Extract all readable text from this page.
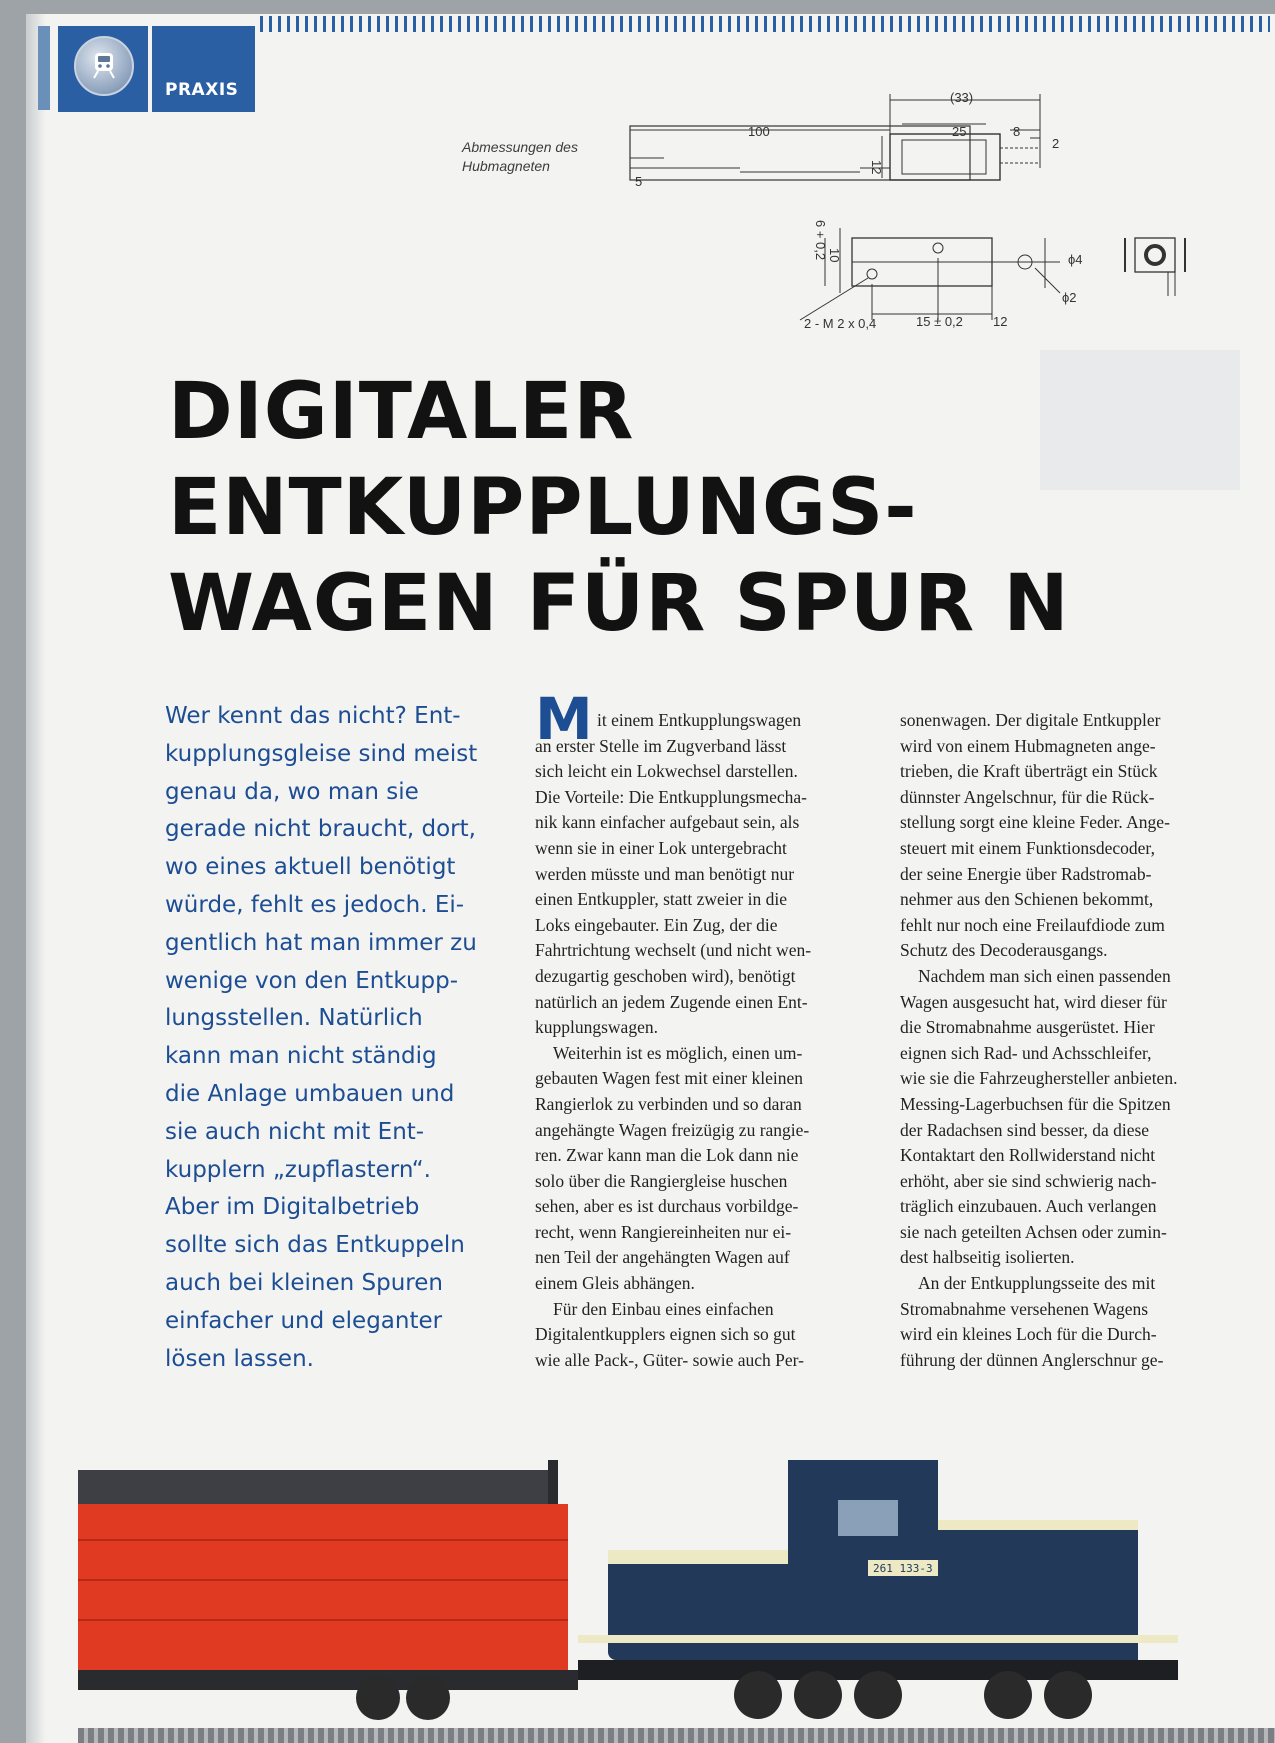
PRAXIS
Abmessungen des
Hubmagneten
(33)
100	25	8
2
5
12
6 + 0,2 10	ϕ4
ϕ2
2 - M 2 x 0,4	15 ± 0,2 12
DIGITALER
ENTKUPPLUNGS-
WAGEN FÜR SPUR N
Wer kennt das nicht? Ent-
kupplungsgleise sind meist
genau da, wo man sie
gerade nicht braucht, dort,
wo eines aktuell benötigt
würde, fehlt es jedoch. Ei-
gentlich hat man immer zu
wenige von den Entkupp-
lungsstellen. Natürlich
kann man nicht ständig
die Anlage umbauen und
sie auch nicht mit Ent-
kupplern „zupflastern“.
Aber im Digitalbetrieb
sollte sich das Entkuppeln
auch bei kleinen Spuren
einfacher und eleganter
lösen lassen.
M it einem Entkupplungswagen
an erster Stelle im Zugverband lässt
sich leicht ein Lokwechsel darstellen.
Die Vorteile: Die Entkupplungsmecha-
nik kann einfacher aufgebaut sein, als
wenn sie in einer Lok untergebracht
werden müsste und man benötigt nur
einen Entkuppler, statt zweier in die
Loks eingebauter. Ein Zug, der die
Fahrtrichtung wechselt (und nicht wen-
dezugartig geschoben wird), benötigt
natürlich an jedem Zugende einen Ent-
kupplungswagen.
Weiterhin ist es möglich, einen um-
gebauten Wagen fest mit einer kleinen
Rangierlok zu verbinden und so daran
angehängte Wagen freizügig zu rangie-
ren. Zwar kann man die Lok dann nie
solo über die Rangiergleise huschen
sehen, aber es ist durchaus vorbildge-
recht, wenn Rangiereinheiten nur ei-
nen Teil der angehängten Wagen auf
einem Gleis abhängen.
Für den Einbau eines einfachen
Digitalentkupplers eignen sich so gut
wie alle Pack-, Güter- sowie auch Per-
sonenwagen. Der digitale Entkuppler
wird von einem Hubmagneten ange-
trieben, die Kraft überträgt ein Stück
dünnster Angelschnur, für die Rück-
stellung sorgt eine kleine Feder. Ange-
steuert mit einem Funktionsdecoder,
der seine Energie über Radstromab-
nehmer aus den Schienen bekommt,
fehlt nur noch eine Freilaufdiode zum
Schutz des Decoderausgangs.
Nachdem man sich einen passenden
Wagen ausgesucht hat, wird dieser für
die Stromabnahme ausgerüstet. Hier
eignen sich Rad- und Achsschleifer,
wie sie die Fahrzeughersteller anbieten.
Messing-Lagerbuchsen für die Spitzen
der Radachsen sind besser, da diese
Kontaktart den Rollwiderstand nicht
erhöht, aber sie sind schwierig nach-
träglich einzubauen. Auch verlangen
sie nach geteilten Achsen oder zumin-
dest halbseitig isolierten.
An der Entkupplungsseite des mit
Stromabnahme versehenen Wagens
wird ein kleines Loch für die Durch-
führung der dünnen Anglerschnur ge-
261 133-3
